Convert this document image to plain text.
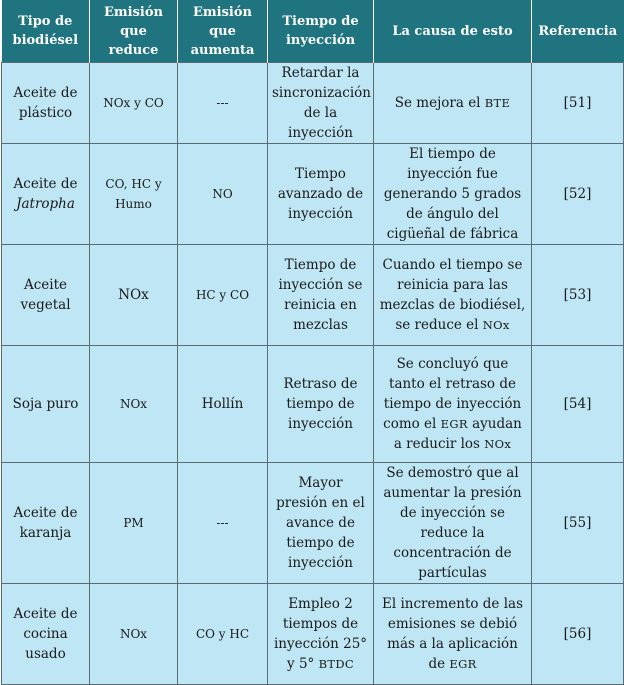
Tipo de biodiésel	Emisión que reduce	Emisión que aumenta	Tiempo de inyección	La causa de esto	Referencia
Aceite de plástico	NOx y CO	---	Retardar la sincronización de la inyección	Se mejora el BTE	[51]
Aceite de Jatropha	CO, HC y Humo	NO	Tiempo avanzado de inyección	El tiempo de inyección fue generando 5 grados de ángulo del cigüeñal de fábrica	[52]
Aceite vegetal	NOx	HC y CO	Tiempo de inyección se reinicia en mezclas	Cuando el tiempo se reinicia para las mezclas de biodiésel, se reduce el NOx	[53]
Soja puro	NOx	Hollín	Retraso de tiempo de inyección	Se concluyó que tanto el retraso de tiempo de inyección como el EGR ayudan a reducir los NOx	[54]
Aceite de karanja	PM	---	Mayor presión en el avance de tiempo de inyección	Se demostró que al aumentar la presión de inyección se reduce la concentración de partículas	[55]
Aceite de cocina usado	NOx	CO y HC	Empleo 2 tiempos de inyección 25° y 5° BTDC	El incremento de las emisiones se debió más a la aplicación de EGR	[56]
